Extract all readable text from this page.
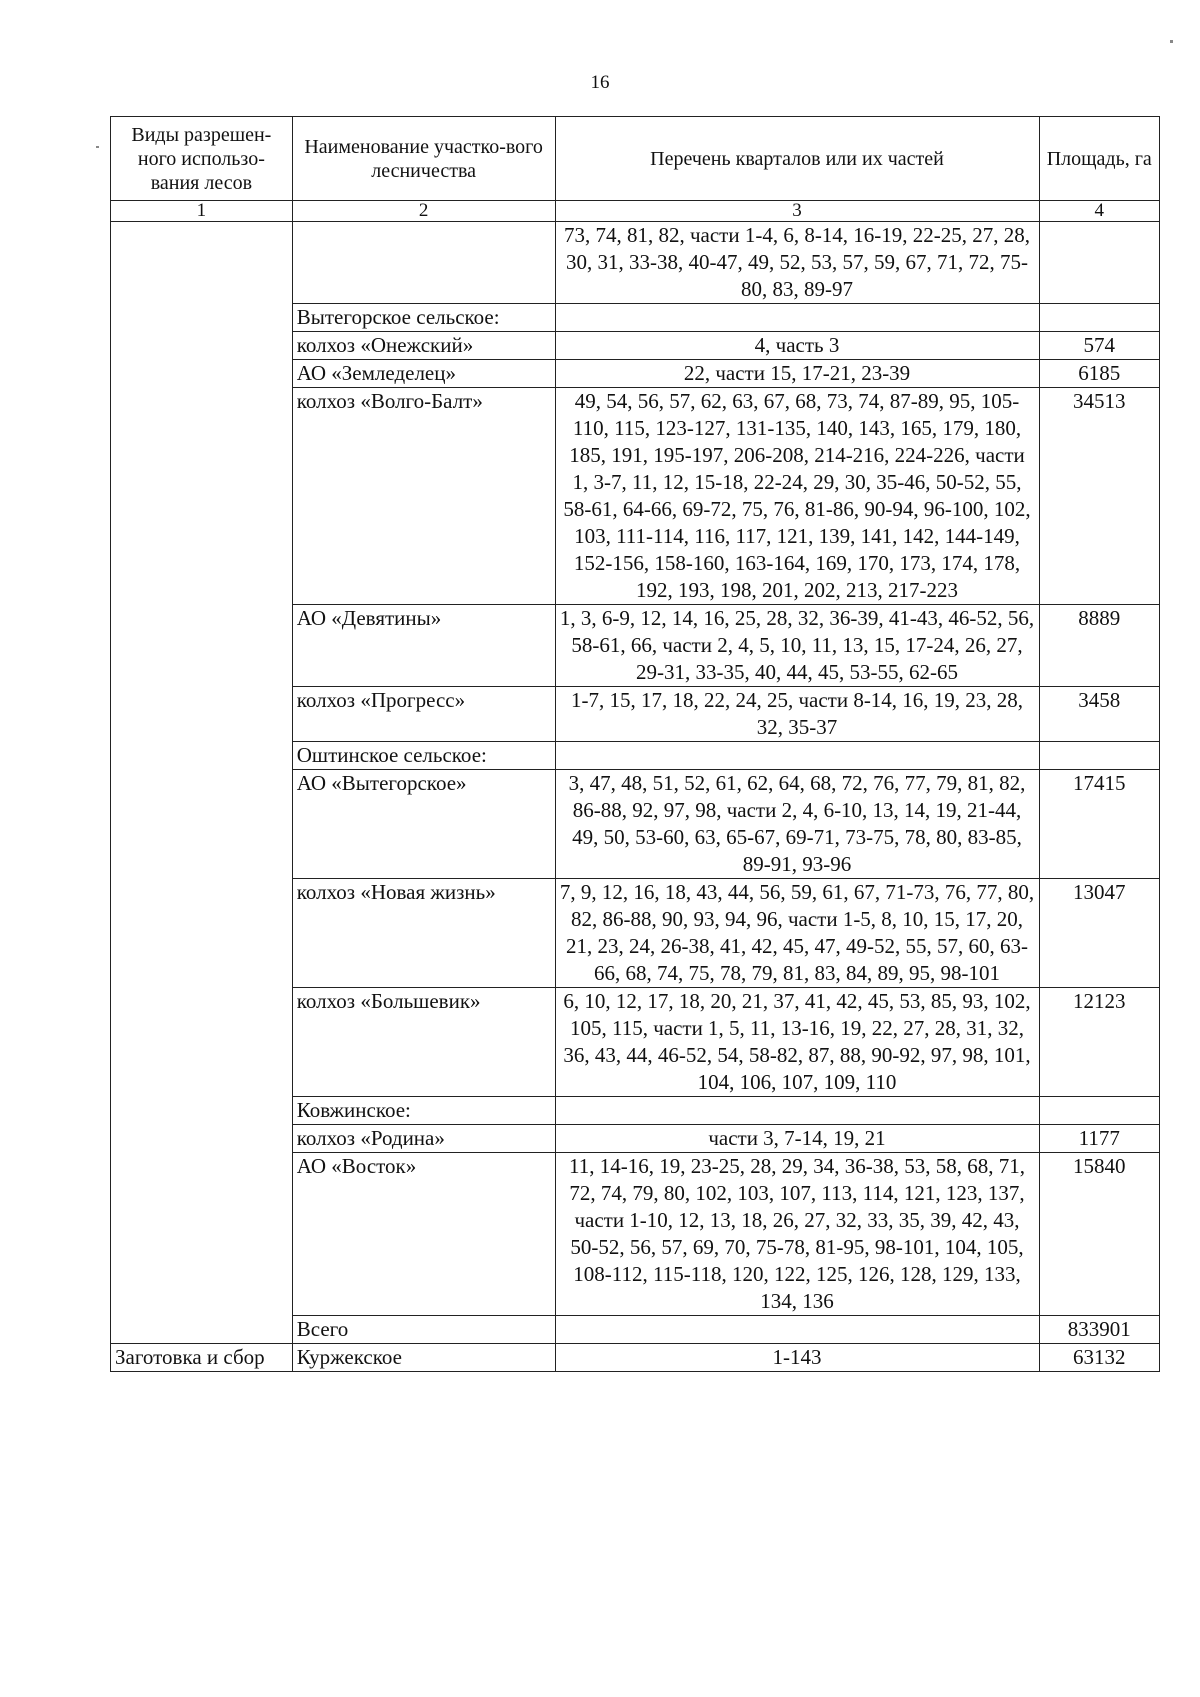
16
Виды разрешен-ного использо-вания лесов	Наименование участко-вого лесничества	Перечень кварталов или их частей	Площадь, га
1	2	3	4
		73, 74, 81, 82, части 1-4, 6, 8-14, 16-19, 22-25, 27, 28, 30, 31, 33-38, 40-47, 49, 52, 53, 57, 59, 67, 71, 72, 75-80, 83, 89-97	
	Вытегорское сельское:		
	колхоз «Онежский»	4, часть 3	574
	АО «Земледелец»	22, части 15, 17-21, 23-39	6185
	колхоз «Волго-Балт»	49, 54, 56, 57, 62, 63, 67, 68, 73, 74, 87-89, 95, 105-110, 115, 123-127, 131-135, 140, 143, 165, 179, 180, 185, 191, 195-197, 206-208, 214-216, 224-226, части 1, 3-7, 11, 12, 15-18, 22-24, 29, 30, 35-46, 50-52, 55, 58-61, 64-66, 69-72, 75, 76, 81-86, 90-94, 96-100, 102, 103, 111-114, 116, 117, 121, 139, 141, 142, 144-149, 152-156, 158-160, 163-164, 169, 170, 173, 174, 178, 192, 193, 198, 201, 202, 213, 217-223	34513
	АО «Девятины»	1, 3, 6-9, 12, 14, 16, 25, 28, 32, 36-39, 41-43, 46-52, 56, 58-61, 66, части 2, 4, 5, 10, 11, 13, 15, 17-24, 26, 27, 29-31, 33-35, 40, 44, 45, 53-55, 62-65	8889
	колхоз «Прогресс»	1-7, 15, 17, 18, 22, 24, 25, части 8-14, 16, 19, 23, 28, 32, 35-37	3458
	Оштинское сельское:		
	АО «Вытегорское»	3, 47, 48, 51, 52, 61, 62, 64, 68, 72, 76, 77, 79, 81, 82, 86-88, 92, 97, 98, части 2, 4, 6-10, 13, 14, 19, 21-44, 49, 50, 53-60, 63, 65-67, 69-71, 73-75, 78, 80, 83-85, 89-91, 93-96	17415
	колхоз «Новая жизнь»	7, 9, 12, 16, 18, 43, 44, 56, 59, 61, 67, 71-73, 76, 77, 80, 82, 86-88, 90, 93, 94, 96, части 1-5, 8, 10, 15, 17, 20, 21, 23, 24, 26-38, 41, 42, 45, 47, 49-52, 55, 57, 60, 63-66, 68, 74, 75, 78, 79, 81, 83, 84, 89, 95, 98-101	13047
	колхоз «Большевик»	6, 10, 12, 17, 18, 20, 21, 37, 41, 42, 45, 53, 85, 93, 102, 105, 115, части 1, 5, 11, 13-16, 19, 22, 27, 28, 31, 32, 36, 43, 44, 46-52, 54, 58-82, 87, 88, 90-92, 97, 98, 101, 104, 106, 107, 109, 110	12123
	Ковжинское:		
	колхоз «Родина»	части 3, 7-14, 19, 21	1177
	АО «Восток»	11, 14-16, 19, 23-25, 28, 29, 34, 36-38, 53, 58, 68, 71, 72, 74, 79, 80, 102, 103, 107, 113, 114, 121, 123, 137, части 1-10, 12, 13, 18, 26, 27, 32, 33, 35, 39, 42, 43, 50-52, 56, 57, 69, 70, 75-78, 81-95, 98-101, 104, 105, 108-112, 115-118, 120, 122, 125, 126, 128, 129, 133, 134, 136	15840
	Всего		833901
Заготовка и сбор	Куржекское	1-143	63132
